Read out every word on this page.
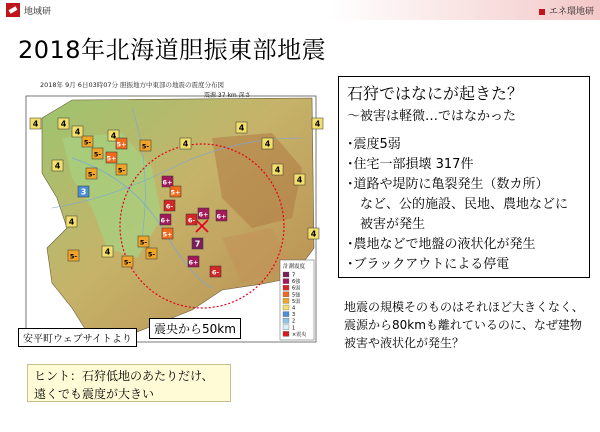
地域研	エネ環地研
2018年北海道胆振東部地震
4	4	4
4	4
5-	5+ 5-
5-
4
5+
5-
5-
6+
5+
6-
6+
6+ 6+
6-
7
6+
6-
5-
5-
5+
5-
4
5-	4
4
4
4
4
3
4
4
計測震度
7
6強
6弱
5強
5弱
4
3
2
1
×震央
2018年 9月 6日03時07分 胆振地方中東部の地震の震度分布図
震源 37 km 深さ
安平町ウェブサイトより
震央から50km
石狩ではなにが起きた？
～被害は軽微…ではなかった
･震度5弱
･住宅一部損壊 317件
･道路や堤防に亀裂発生（数カ所）
　など、公的施設、民地、農地などに
　被害が発生
･農地などで地盤の液状化が発生
･ブラックアウトによる停電
地震の規模そのものはそれほど大きくなく、震源から80kmも離れているのに、なぜ建物被害や液状化が発生？
ヒント：石狩低地のあたりだけ、遠くでも震度が大きい
